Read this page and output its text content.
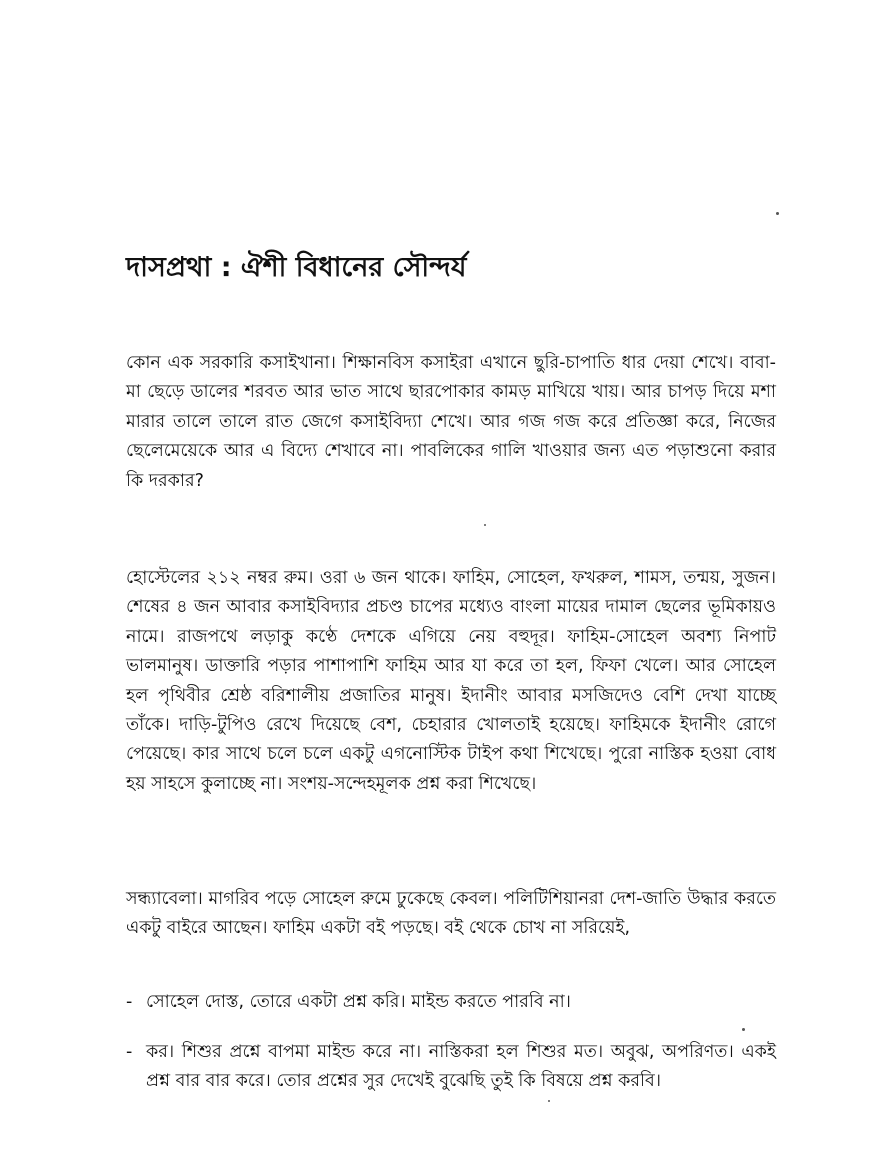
দাসপ্রথা : ঐশী বিধানের সৌন্দর্য

কোন এক সরকারি কসাইখানা। শিক্ষানবিস কসাইরা এখানে ছুরি-চাপাতি ধার দেয়া শেখে। বাবা-মা ছেড়ে ডালের শরবত আর ভাত সাথে ছারপোকার কামড় মাখিয়ে খায়। আর চাপড় দিয়ে মশা মারার তালে তালে রাত জেগে কসাইবিদ্যা শেখে। আর গজ গজ করে প্রতিজ্ঞা করে, নিজের ছেলেমেয়েকে আর এ বিদ্যে শেখাবে না। পাবলিকের গালি খাওয়ার জন্য এত পড়াশুনো করার কি দরকার?

হোস্টেলের ২১২ নম্বর রুম। ওরা ৬ জন থাকে। ফাহিম, সোহেল, ফখরুল, শামস, তন্ময়, সুজন। শেষের ৪ জন আবার কসাইবিদ্যার প্রচণ্ড চাপের মধ্যেও বাংলা মায়ের দামাল ছেলের ভূমিকায়ও নামে। রাজপথে লড়াকু কণ্ঠে দেশকে এগিয়ে নেয় বহুদূর। ফাহিম-সোহেল অবশ্য নিপাট ভালমানুষ। ডাক্তারি পড়ার পাশাপাশি ফাহিম আর যা করে তা হল, ফিফা খেলে। আর সোহেল হল পৃথিবীর শ্রেষ্ঠ বরিশালীয় প্রজাতির মানুষ। ইদানীং আবার মসজিদেও বেশি দেখা যাচ্ছে তাঁকে। দাড়ি-টুপিও রেখে দিয়েছে বেশ, চেহারার খোলতাই হয়েছে। ফাহিমকে ইদানীং রোগে পেয়েছে। কার সাথে চলে চলে একটু এগনোস্টিক টাইপ কথা শিখেছে। পুরো নাস্তিক হওয়া বোধ হয় সাহসে কুলাচ্ছে না। সংশয়-সন্দেহমূলক প্রশ্ন করা শিখেছে।

সন্ধ্যাবেলা। মাগরিব পড়ে সোহেল রুমে ঢুকেছে কেবল। পলিটিশিয়ানরা দেশ-জাতি উদ্ধার করতে একটু বাইরে আছেন। ফাহিম একটা বই পড়ছে। বই থেকে চোখ না সরিয়েই,

- সোহেল দোস্ত, তোরে একটা প্রশ্ন করি। মাইন্ড করতে পারবি না।
- কর। শিশুর প্রশ্নে বাপমা মাইন্ড করে না। নাস্তিকরা হল শিশুর মত। অবুঝ, অপরিণত। একই প্রশ্ন বার বার করে। তোর প্রশ্নের সুর দেখেই বুঝেছি তুই কি বিষয়ে প্রশ্ন করবি।
